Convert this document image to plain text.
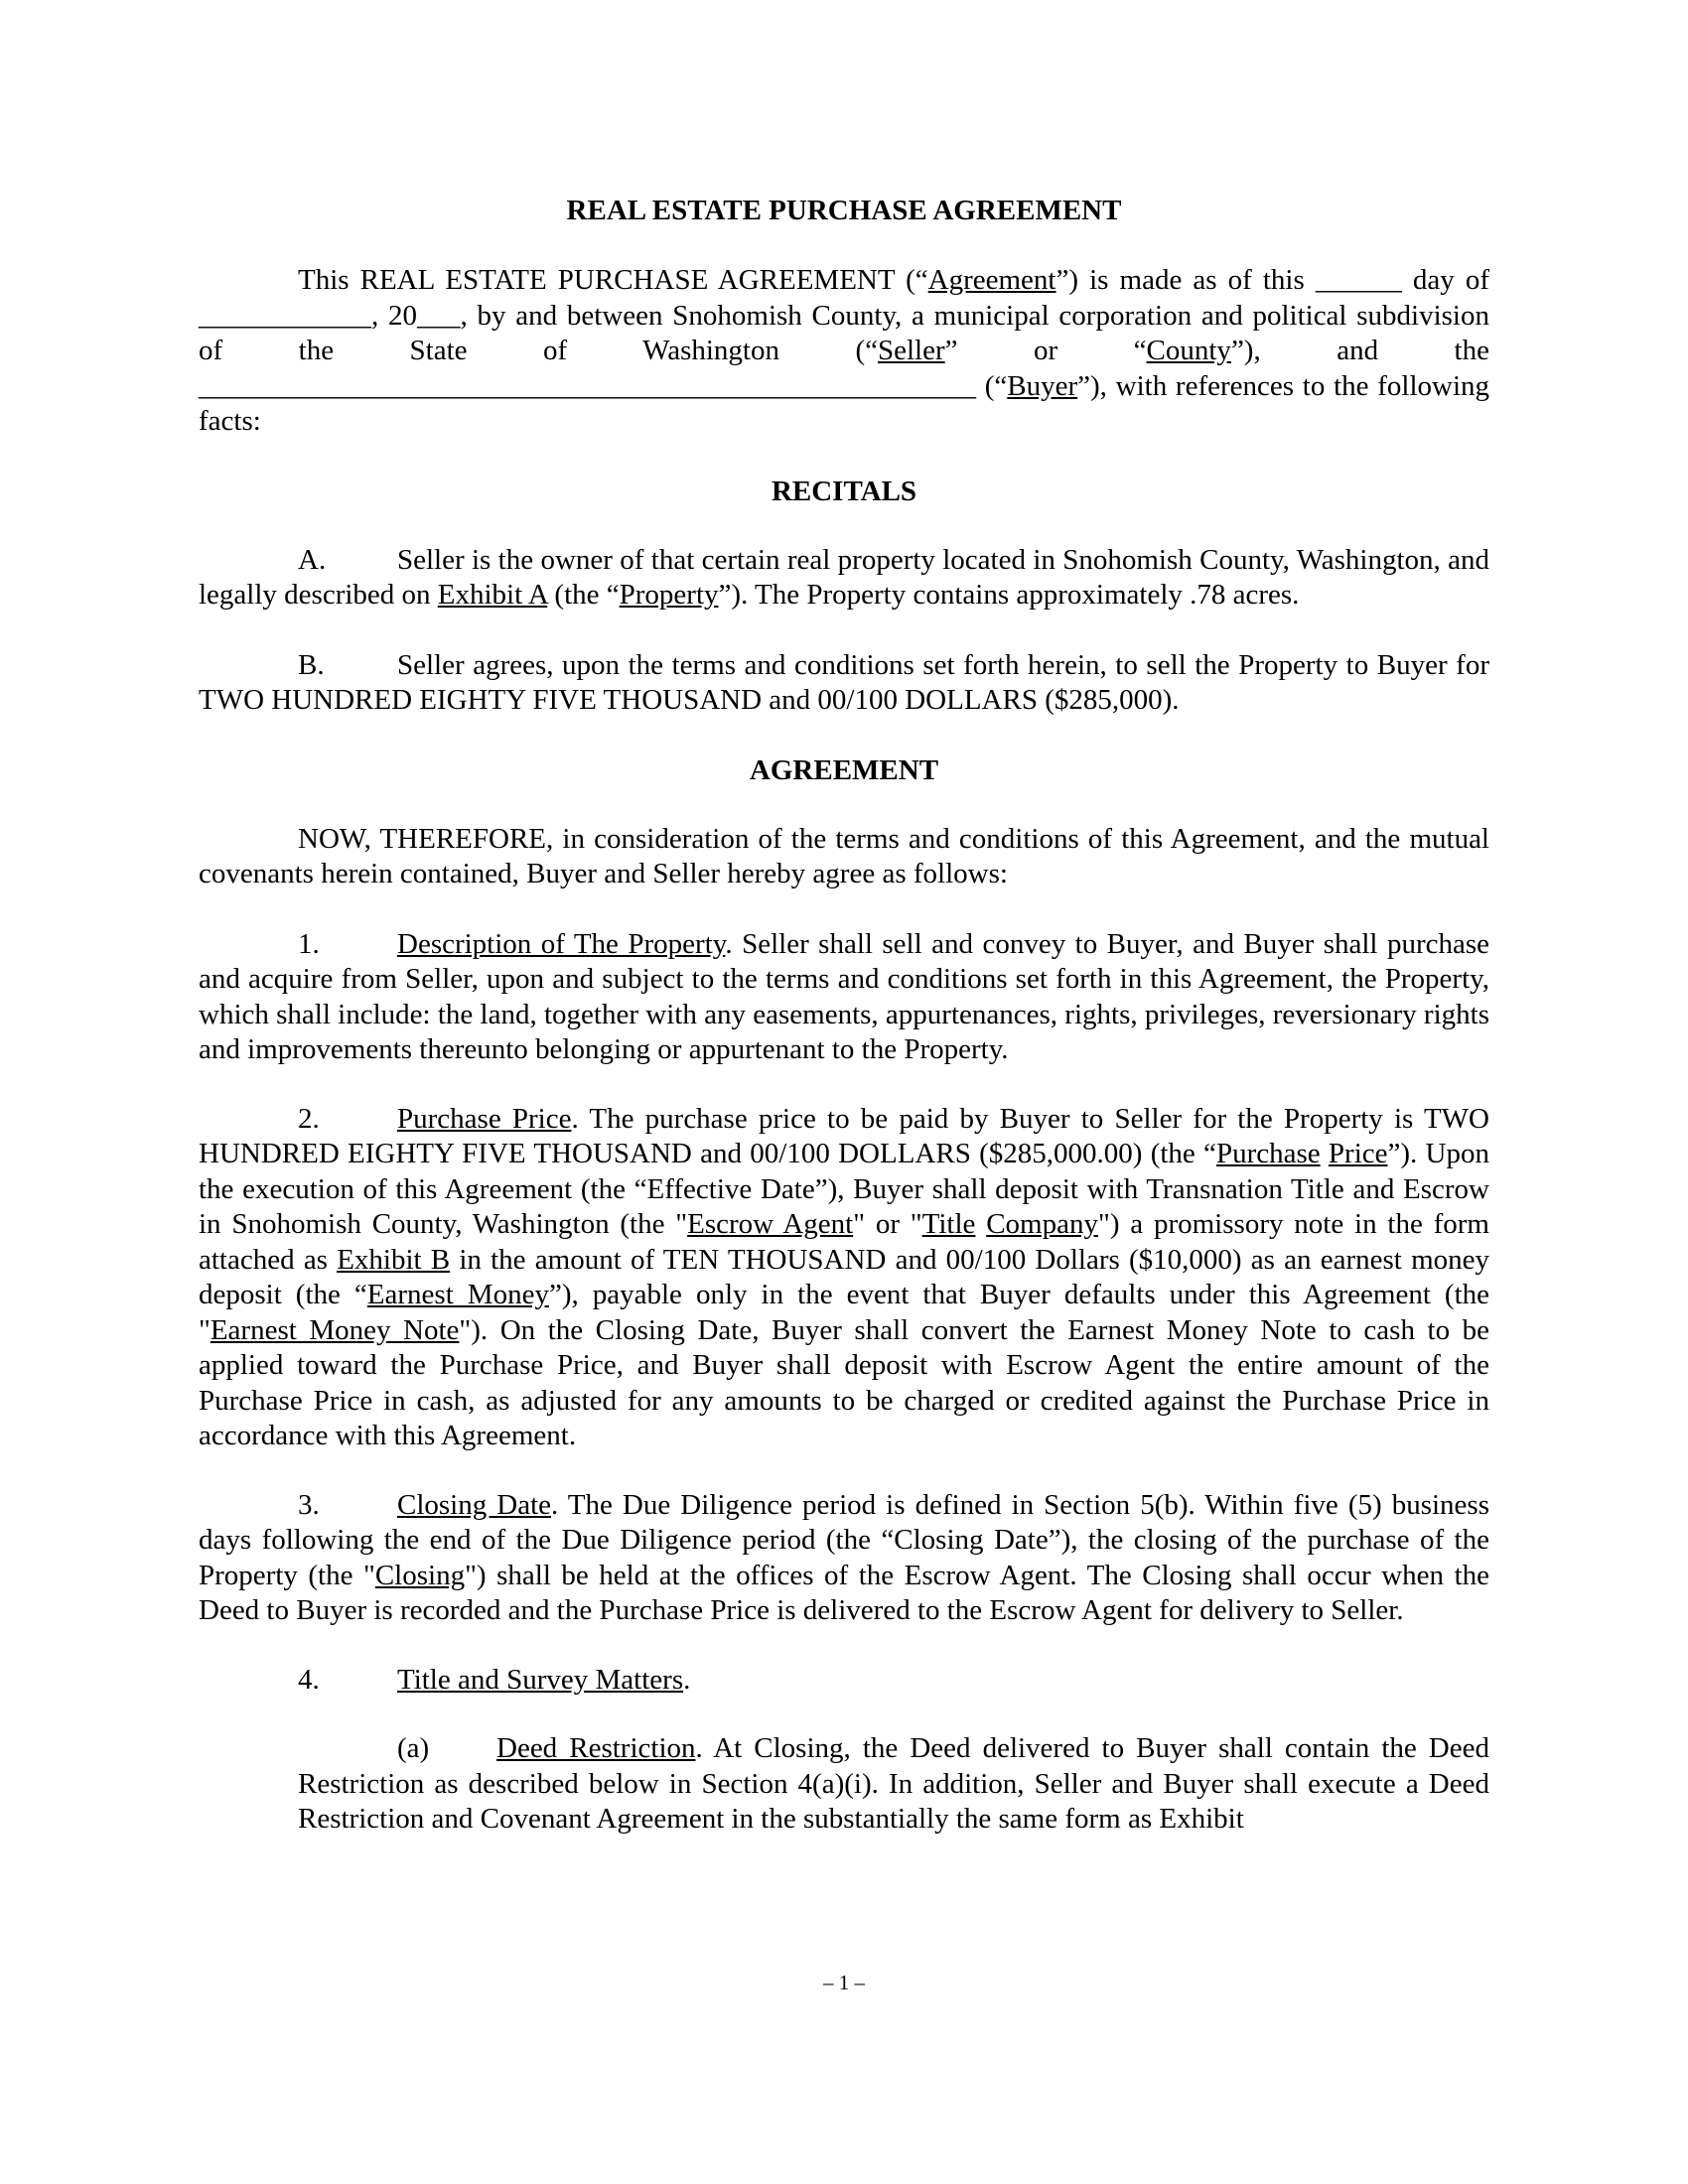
REAL ESTATE PURCHASE AGREEMENT

This REAL ESTATE PURCHASE AGREEMENT (“Agreement”) is made as of this ______ day of ____________, 20___, by and between Snohomish County, a municipal corporation and political subdivision of the State of Washington (“Seller” or “County”), and the ______________________________________________________ (“Buyer”), with references to the following facts:

RECITALS

A. Seller is the owner of that certain real property located in Snohomish County, Washington, and legally described on Exhibit A (the “Property”). The Property contains approximately .78 acres.

B.	Seller agrees, upon the terms and conditions set forth herein, to sell the Property to Buyer for TWO HUNDRED EIGHTY FIVE THOUSAND and 00/100 DOLLARS ($285,000).

AGREEMENT

NOW, THEREFORE, in consideration of the terms and conditions of this Agreement, and the mutual covenants herein contained, Buyer and Seller hereby agree as follows:

1.	Description of The Property. Seller shall sell and convey to Buyer, and Buyer shall purchase and acquire from Seller, upon and subject to the terms and conditions set forth in this Agreement, the Property, which shall include: the land, together with any easements, appurtenances, rights, privileges, reversionary rights and improvements thereunto belonging or appurtenant to the Property.

2.	Purchase Price. The purchase price to be paid by Buyer to Seller for the Property is TWO HUNDRED EIGHTY FIVE THOUSAND and 00/100 DOLLARS ($285,000.00) (the “Purchase Price”). Upon the execution of this Agreement (the “Effective Date”), Buyer shall deposit with Transnation Title and Escrow in Snohomish County, Washington (the "Escrow Agent" or "Title Company") a promissory note in the form attached as Exhibit B in the amount of TEN THOUSAND and 00/100 Dollars ($10,000) as an earnest money deposit (the “Earnest Money”), payable only in the event that Buyer defaults under this Agreement (the "Earnest Money Note"). On the Closing Date, Buyer shall convert the Earnest Money Note to cash to be applied toward the Purchase Price, and Buyer shall deposit with Escrow Agent the entire amount of the Purchase Price in cash, as adjusted for any amounts to be charged or credited against the Purchase Price in accordance with this Agreement.

3.	Closing Date. The Due Diligence period is defined in Section 5(b). Within five (5) business days following the end of the Due Diligence period (the “Closing Date”), the closing of the purchase of the Property (the "Closing") shall be held at the offices of the Escrow Agent. The Closing shall occur when the Deed to Buyer is recorded and the Purchase Price is delivered to the Escrow Agent for delivery to Seller.

4.	Title and Survey Matters.

(a) Deed Restriction. At Closing, the Deed delivered to Buyer shall contain the Deed Restriction as described below in Section 4(a)(i). In addition, Seller and Buyer shall execute a Deed Restriction and Covenant Agreement in the substantially the same form as Exhibit

– 1 –
